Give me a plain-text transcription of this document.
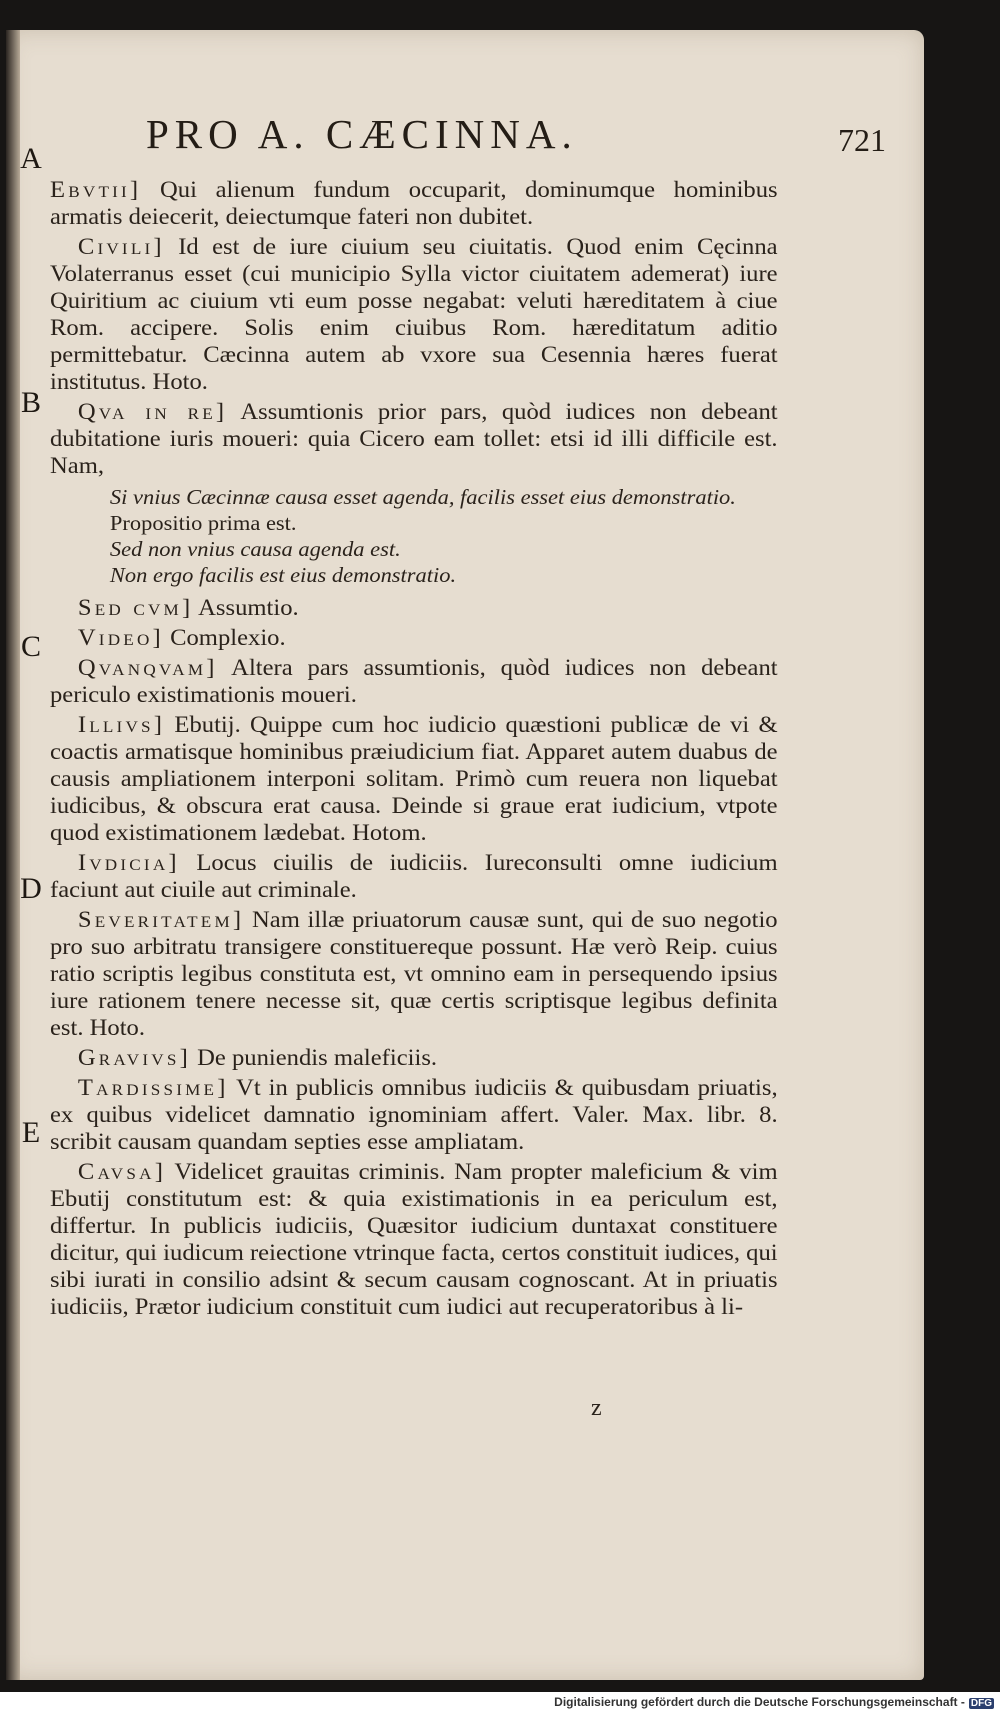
PRO A. CÆCINNA.	721
A
B
C
D
E

Ebvtii] Qui alienum fundum occuparit, dominumque hominibus armatis deiecerit, deiectumque fateri non dubitet.

Civili] Id est de iure ciuium seu ciuitatis. Quod enim Cęcinna Volaterranus esset (cui municipio Sylla victor ciuitatem ademerat) iure Quiritium ac ciuium vti eum posse negabat: veluti hæreditatem à ciue Rom. accipere. Solis enim ciuibus Rom. hæreditatum aditio permittebatur. Cæcinna autem ab vxore sua Cesennia hæres fuerat institutus. Hoto.

Qva in re] Assumtionis prior pars, quòd iudices non debeant dubitatione iuris moueri: quia Cicero eam tollet: etsi id illi difficile est. Nam,

Si vnius Cæcinnæ causa esset agenda, facilis esset eius demonstratio. Propositio prima est.
Sed non vnius causa agenda est.
Non ergo facilis est eius demonstratio.

Sed cvm] Assumtio.

Video] Complexio.

Qvanqvam] Altera pars assumtionis, quòd iudices non debeant periculo existimationis moueri.

Illivs] Ebutij. Quippe cum hoc iudicio quæstioni publicæ de vi & coactis armatisque hominibus præiudicium fiat. Apparet autem duabus de causis ampliationem interponi solitam. Primò cum reuera non liquebat iudicibus, & obscura erat causa. Deinde si graue erat iudicium, vtpote quod existimationem lædebat. Hotom.

Ivdicia] Locus ciuilis de iudiciis. Iureconsulti omne iudicium faciunt aut ciuile aut criminale.

Severitatem] Nam illæ priuatorum causæ sunt, qui de suo negotio pro suo arbitratu transigere constituereque possunt. Hæ verò Reip. cuius ratio scriptis legibus constituta est, vt omnino eam in persequendo ipsius iure rationem tenere necesse sit, quæ certis scriptisque legibus definita est. Hoto.

Gravivs] De puniendis maleficiis.

Tardissime] Vt in publicis omnibus iudiciis & quibusdam priuatis, ex quibus videlicet damnatio ignominiam affert. Valer. Max. libr. 8. scribit causam quandam septies esse ampliatam.

Cavsa] Videlicet grauitas criminis. Nam propter maleficium & vim Ebutij constitutum est: & quia existimationis in ea periculum est, differtur. In publicis iudiciis, Quæsitor iudicium duntaxat constituere dicitur, qui iudicum reiectione vtrinque facta, certos constituit iudices, qui sibi iurati in consilio adsint & secum causam cognoscant. At in priuatis iudiciis, Prætor iudicium constituit cum iudici aut recuperatoribus à li-

z
Digitalisierung gefördert durch die Deutsche Forschungsgemeinschaft - DFG
